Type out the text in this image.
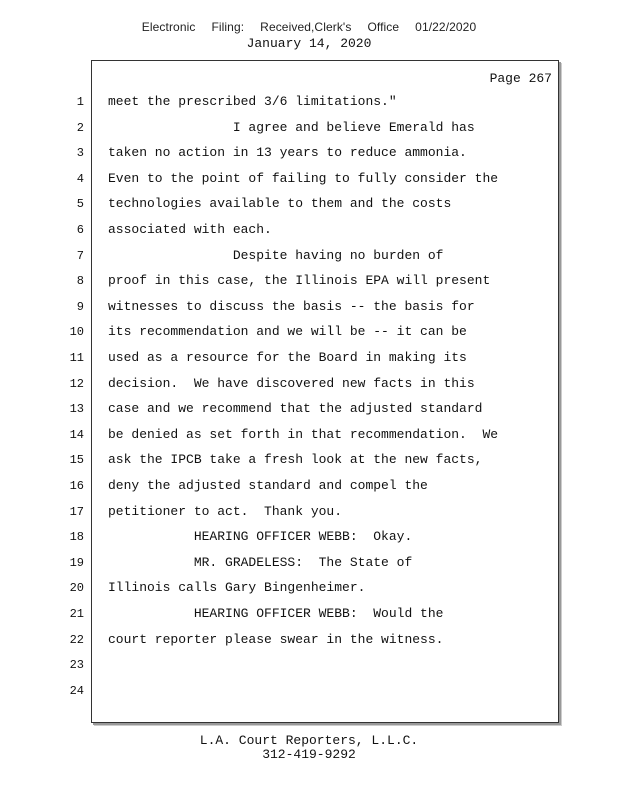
Electronic Filing: Received,Clerk's Office 01/22/2020
January 14, 2020
Page 267
1 meet the prescribed 3/6 limitations."
2 I agree and believe Emerald has
3 taken no action in 13 years to reduce ammonia.
4 Even to the point of failing to fully consider the
5 technologies available to them and the costs
6 associated with each.
7 Despite having no burden of
8 proof in this case, the Illinois EPA will present
9 witnesses to discuss the basis -- the basis for
10 its recommendation and we will be -- it can be
11 used as a resource for the Board in making its
12 decision.  We have discovered new facts in this
13 case and we recommend that the adjusted standard
14 be denied as set forth in that recommendation.  We
15 ask the IPCB take a fresh look at the new facts,
16 deny the adjusted standard and compel the
17 petitioner to act.  Thank you.
18 HEARING OFFICER WEBB:  Okay.
19 MR. GRADELESS:  The State of
20 Illinois calls Gary Bingenheimer.
21 HEARING OFFICER WEBB:  Would the
22 court reporter please swear in the witness.
23
24
L.A. Court Reporters, L.L.C.
312-419-9292
